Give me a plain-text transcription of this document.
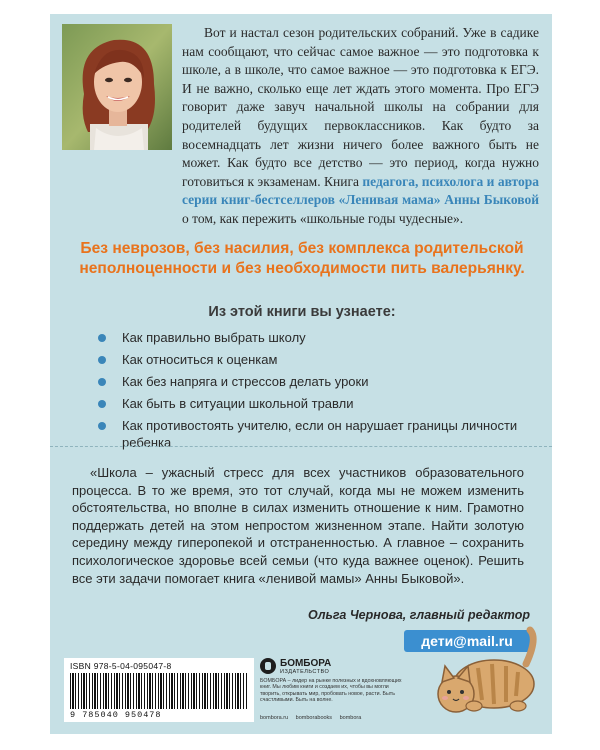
Вот и настал сезон родительских собраний. Уже в садике нам сообщают, что сейчас самое важное — это подготовка к школе, а в школе, что самое важное — это подготовка к ЕГЭ. И не важно, сколько еще лет ждать этого момента. Про ЕГЭ говорит даже завуч начальной школы на собрании для родителей будущих первоклассников. Как будто за восемнадцать лет жизни ничего более важного быть не может. Как будто все детство — это период, когда нужно готовиться к экзаменам. Книга педагога, психолога и автора серии книг-бестселлеров «Ленивая мама» Анны Быковой о том, как пережить «школьные годы чудесные».
Без неврозов, без насилия, без комплекса родительской неполноценности и без необходимости пить валерьянку.
Из этой книги вы узнаете:
Как правильно выбрать школу
Как относиться к оценкам
Как без напряга и стрессов делать уроки
Как быть в ситуации школьной травли
Как противостоять учителю, если он нарушает границы личности ребенка
«Школа – ужасный стресс для всех участников образовательного процесса. В то же время, это тот случай, когда мы не можем изменить обстоятельства, но вполне в силах изменить отношение к ним. Грамотно поддержать детей на этом непростом жизненном этапе. Найти золотую середину между гиперопекой и отстраненностью. А главное – сохранить психологическое здоровье всей семьи (что куда важнее оценок). Решить все эти задачи помогает книга «ленивой мамы» Анны Быковой».
Ольга Чернова, главный редактор
дети@mail.ru
ISBN 978-5-04-095047-8
9 785040 950478
БОМБОРА
ИЗДАТЕЛЬСТВО
БОМБОРА – лидер на рынке полезных и вдохновляющих книг. Мы любим книги и создаем их, чтобы вы могли творить, открывать мир, пробовать новое, расти. Быть счастливыми. Быть на волне.
bombora.ru bomborabooks bombora
